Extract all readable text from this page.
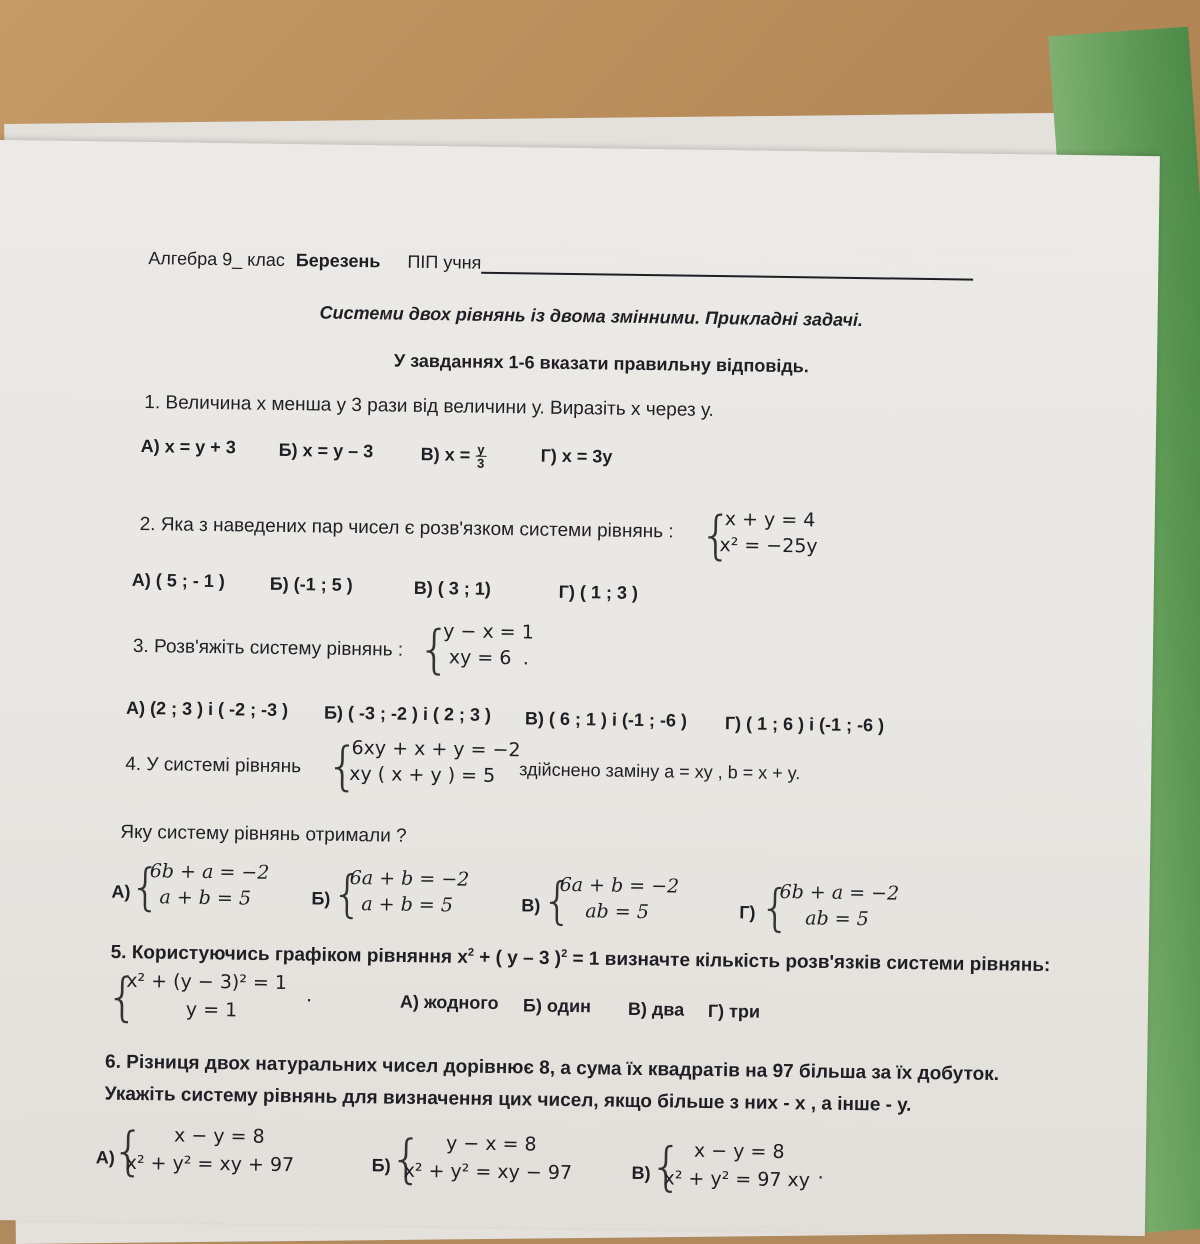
Алгебра 9_ клас Березень ПІП учня
Системи двох рівнянь із двома змінними. Прикладні задачі.
У завданнях 1-6 вказати правильну відповідь.
1. Величина х менша у 3 рази від величини у. Виразіть х через у.
А) х = у + 3 Б) х = у – 3	В) $х = \frac{у}{3}$	Г) х = 3у
2. Яка з наведених пар чисел є розв'язком системи рівнянь : {
x + y = 4
x² = −25y
А) ( 5 ; - 1 ) Б) (-1 ; 5 )	В) ( 3 ; 1)	Г) ( 1 ; 3 )
3. Розв'яжіть систему рівнянь : {
y − x = 1
xy = 6 .
А) (2 ; 3 ) і ( -2 ; -3 ) Б) ( -3 ; -2 ) і ( 2 ; 3 ) В) ( 6 ; 1 ) і (-1 ; -6 ) Г) ( 1 ; 6 ) і (-1 ; -6 )
4. У системі рівнянь {
6xy + x + y = −2
xy ( x + y ) = 5 здійснено заміну a = xy , b = x + y.
Яку систему рівнянь отримали ?
А)
{
6b + a = −2
a + b = 5	Б) {
6a + b = −2
a + b = 5	В) {
6a + b = −2
ab = 5	Г) {
6b + a = −2
ab = 5
5. Користуючись графіком рівняння $х^2$ + ( у – 3 )$^2$ = 1 визначте кількість розв'язків системи рівнянь:
{
x² + (y − 3)² = 1
y = 1
.	А) жодного Б) один В) два Г) три
6. Різниця двох натуральних чисел дорівнює 8, а сума їх квадратів на 97 більша за їх добуток.
Укажіть систему рівнянь для визначення цих чисел, якщо більше з них - х , а інше - у.
А)
{ x − y = 8
x² + y² = xy + 97	Б)
{ y − x = 8
x² + y² = xy − 97	В)
{ x − y = 8
x² + y² = 97 xy .
